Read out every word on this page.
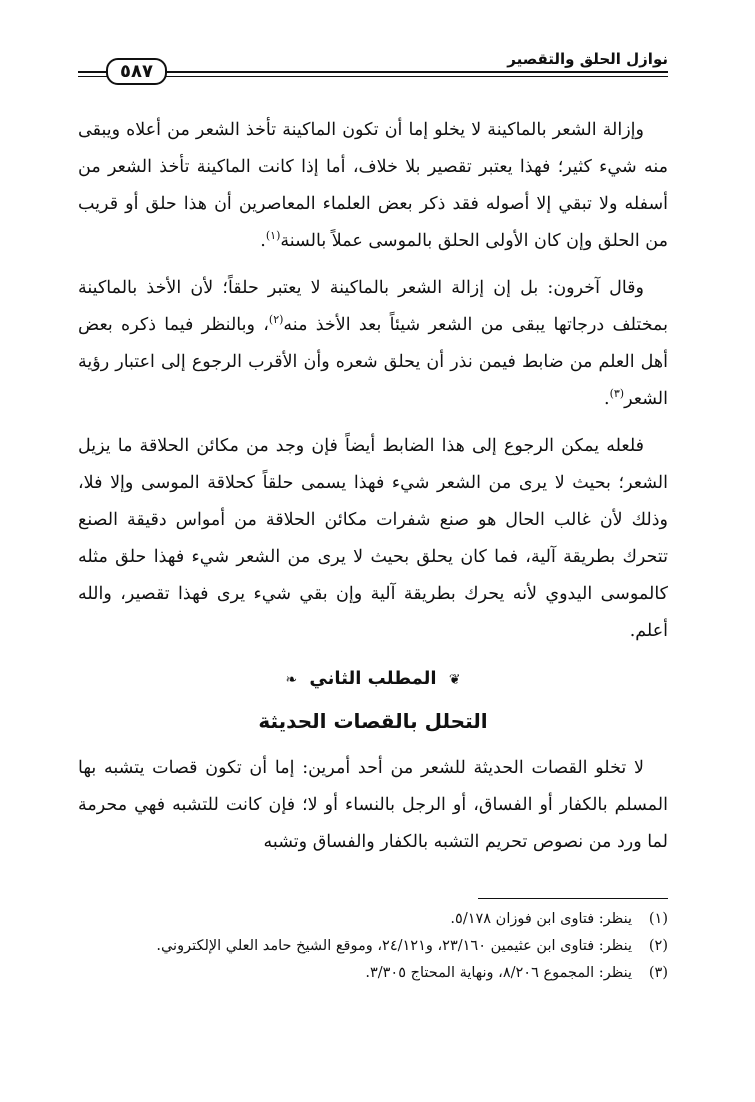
نوازل الحلق والتقصير
٥٨٧

وإزالة الشعر بالماكينة لا يخلو إما أن تكون الماكينة تأخذ الشعر من أعلاه ويبقى منه شيء كثير؛ فهذا يعتبر تقصير بلا خلاف، أما إذا كانت الماكينة تأخذ الشعر من أسفله ولا تبقي إلا أصوله فقد ذكر بعض العلماء المعاصرين أن هذا حلق أو قريب من الحلق وإن كان الأولى الحلق بالموسى عملاً بالسنة$^{(١)}$.

وقال آخرون: بل إن إزالة الشعر بالماكينة لا يعتبر حلقاً؛ لأن الأخذ بالماكينة بمختلف درجاتها يبقى من الشعر شيئاً بعد الأخذ منه$^{(٢)}$، وبالنظر فيما ذكره بعض أهل العلم من ضابط فيمن نذر أن يحلق شعره وأن الأقرب الرجوع إلى اعتبار رؤية الشعر$^{(٣)}$.

فلعله يمكن الرجوع إلى هذا الضابط أيضاً فإن وجد من مكائن الحلاقة ما يزيل الشعر؛ بحيث لا يرى من الشعر شيء فهذا يسمى حلقاً كحلاقة الموسى وإلا فلا، وذلك لأن غالب الحال هو صنع شفرات مكائن الحلاقة من أمواس دقيقة الصنع تتحرك بطريقة آلية، فما كان يحلق بحيث لا يرى من الشعر شيء فهذا حلق مثله كالموسى اليدوي لأنه يحرك بطريقة آلية وإن بقي شيء يرى فهذا تقصير، والله أعلم.

❦ المطلب الثاني ❧
التحلل بالقصات الحديثة

لا تخلو القصات الحديثة للشعر من أحد أمرين: إما أن تكون قصات يتشبه بها المسلم بالكفار أو الفساق، أو الرجل بالنساء أو لا؛ فإن كانت للتشبه فهي محرمة لما ورد من نصوص تحريم التشبه بالكفار والفساق وتشبه

(١)
ينظر: فتاوى ابن فوزان ٥/١٧٨.
(٢)
ينظر: فتاوى ابن عثيمين ٢٣/١٦٠، و٢٤/١٢١، وموقع الشيخ حامد العلي الإلكتروني.
(٣)
ينظر: المجموع ٨/٢٠٦، ونهاية المحتاج ٣/٣٠٥.
